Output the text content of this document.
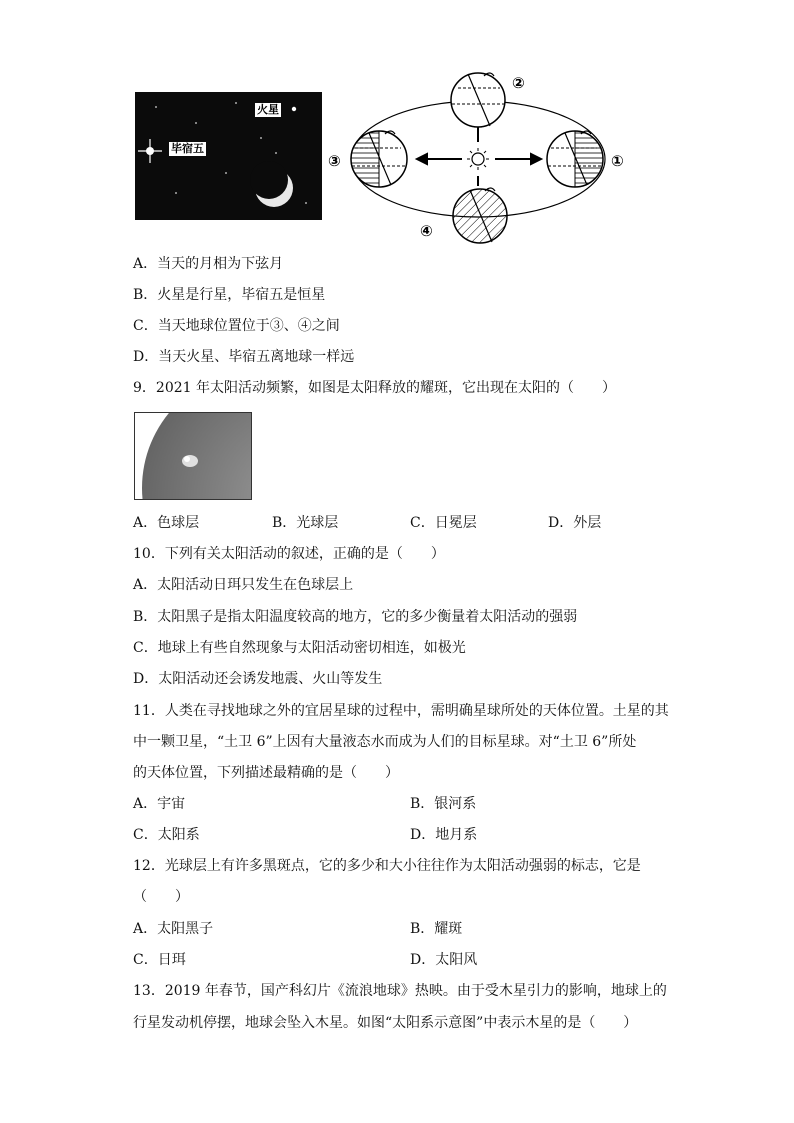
火星
毕宿五
②
③	①
④
A．当天的月相为下弦月
B．火星是行星，毕宿五是恒星
C．当天地球位置位于③、④之间
D．当天火星、毕宿五离地球一样远
9．2021 年太阳活动频繁，如图是太阳释放的耀斑，它出现在太阳的（　　）
A．色球层	B．光球层	C．日冕层	D．外层
10．下列有关太阳活动的叙述，正确的是（　　）
A．太阳活动日珥只发生在色球层上
B．太阳黑子是指太阳温度较高的地方，它的多少衡量着太阳活动的强弱
C．地球上有些自然现象与太阳活动密切相连，如极光
D．太阳活动还会诱发地震、火山等发生
11．人类在寻找地球之外的宜居星球的过程中，需明确星球所处的天体位置。土星的其
中一颗卫星，“土卫 6”上因有大量液态水而成为人们的目标星球。对“土卫 6”所处
的天体位置，下列描述最精确的是（　　）
A．宇宙	B．银河系
C．太阳系	D．地月系
12．光球层上有许多黑斑点，它的多少和大小往往作为太阳活动强弱的标志，它是
（　　）
A．太阳黑子	B．耀斑
C．日珥	D．太阳风
13．2019 年春节，国产科幻片《流浪地球》热映。由于受木星引力的影响，地球上的
行星发动机停摆，地球会坠入木星。如图“太阳系示意图”中表示木星的是（　　）
